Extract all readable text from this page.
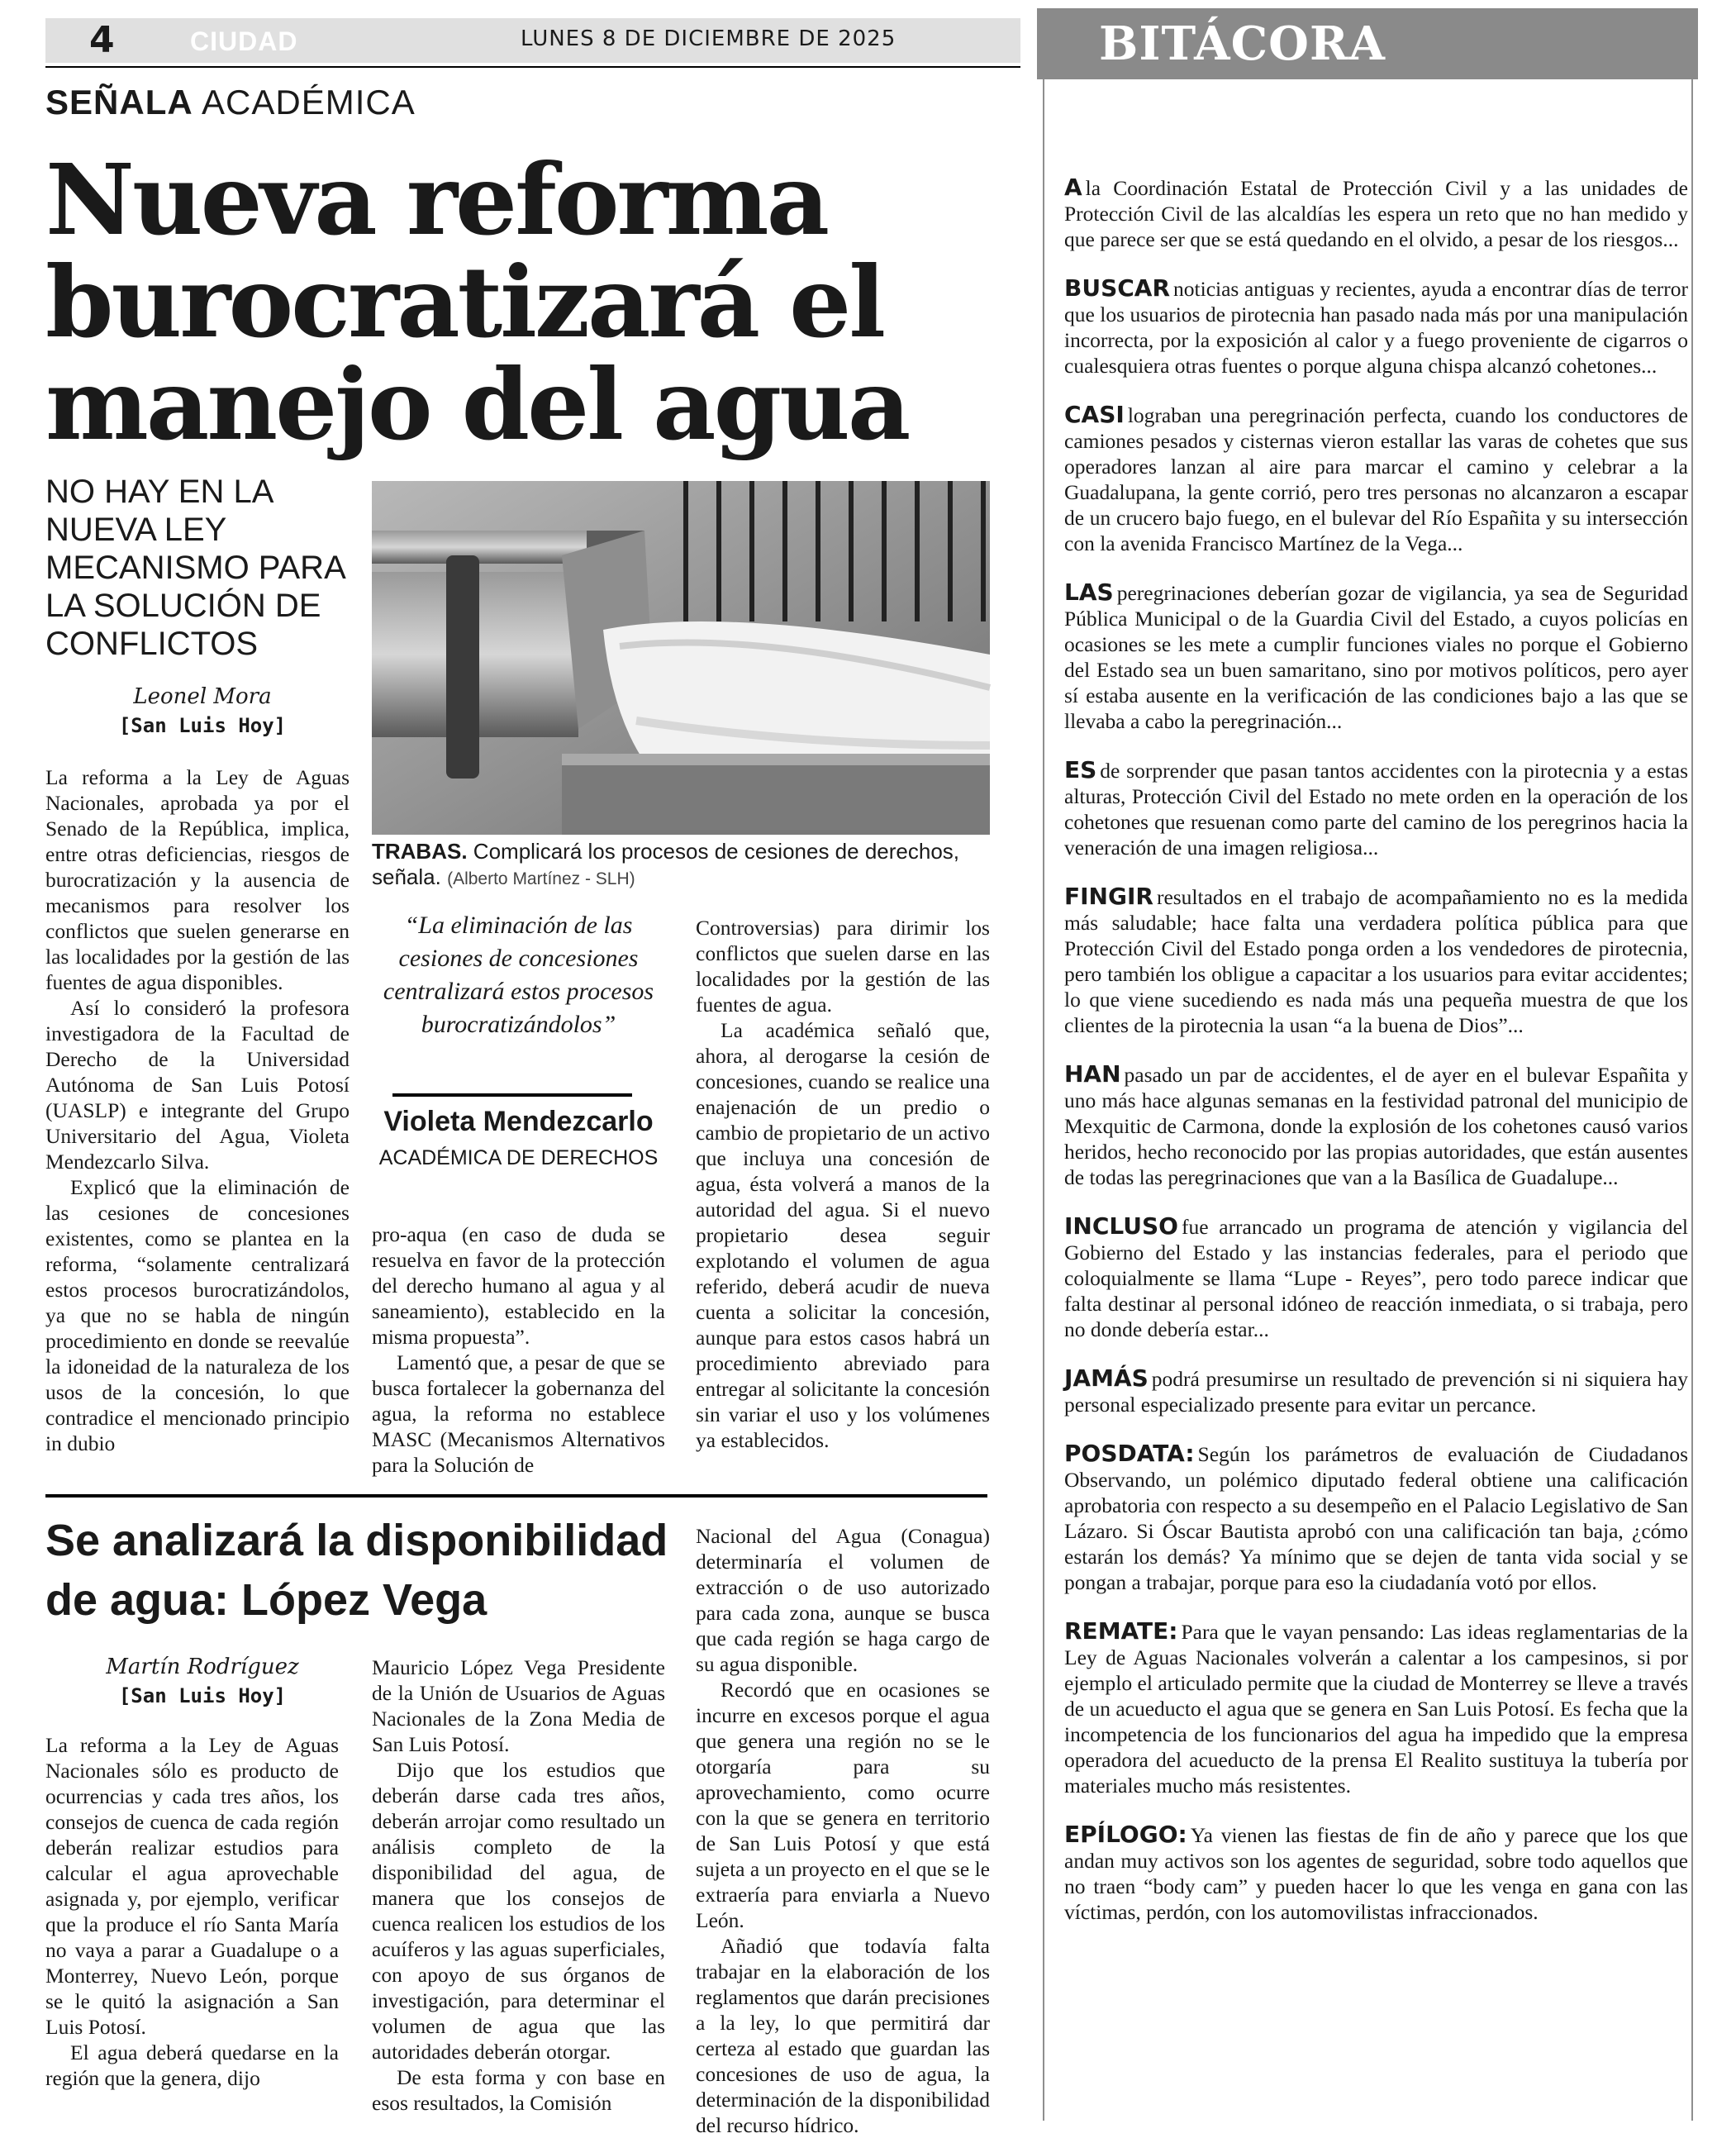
4	CIUDAD	LUNES 8 DE DICIEMBRE DE 2025	BITÁCORA
SEÑALA ACADÉMICA
Nueva reforma burocratizará el manejo del agua
NO HAY EN LA NUEVA LEY MECANISMO PARA LA SOLUCIÓN DE CONFLICTOS
Leonel Mora
[San Luis Hoy]

La reforma a la Ley de Aguas Nacionales, aprobada ya por el Senado de la República, implica, entre otras deficiencias, riesgos de burocratización y la ausencia de mecanismos para resolver los conflictos que suelen generarse en las localidades por la gestión de las fuentes de agua disponibles.

Así lo consideró la profesora investigadora de la Facultad de Derecho de la Universidad Autónoma de San Luis Potosí (UASLP) e integrante del Grupo Universitario del Agua, Violeta Mendezcarlo Silva.

Explicó que la eliminación de las cesiones de concesiones existentes, como se plantea en la reforma, “solamente centralizará estos procesos burocratizándolos, ya que no se habla de ningún procedimiento en donde se reevalúe la idoneidad de la naturaleza de los usos de la concesión, lo que contradice el mencionado principio in dubio

TRABAS. Complicará los procesos de cesiones de derechos, señala. (Alberto Martínez - SLH)
“La eliminación de las cesiones de concesiones centralizará estos procesos burocratizándolos”
Violeta Mendezcarlo
ACADÉMICA DE DERECHOS

pro-aqua (en caso de duda se resuelva en favor de la protección del derecho humano al agua y al saneamiento), establecido en la misma propuesta”.

Lamentó que, a pesar de que se busca fortalecer la gobernanza del agua, la reforma no establece MASC (Mecanismos Alternativos para la Solución de

Controversias) para dirimir los conflictos que suelen darse en las localidades por la gestión de las fuentes de agua.

La académica señaló que, ahora, al derogarse la cesión de concesiones, cuando se realice una enajenación de un predio o cambio de propietario de un activo que incluya una concesión de agua, ésta volverá a manos de la autoridad del agua. Si el nuevo propietario desea seguir explotando el volumen de agua referido, deberá acudir de nueva cuenta a solicitar la concesión, aunque para estos casos habrá un procedimiento abreviado para entregar al solicitante la concesión sin variar el uso y los volúmenes ya establecidos.

Se analizará la disponibilidad de agua: López Vega
Martín Rodríguez
[San Luis Hoy]

La reforma a la Ley de Aguas Nacionales sólo es producto de ocurrencias y cada tres años, los consejos de cuenca de cada región deberán realizar estudios para calcular el agua aprovechable asignada y, por ejemplo, verificar que la produce el río Santa María no vaya a parar a Guadalupe o a Monterrey, Nuevo León, porque se le quitó la asignación a San Luis Potosí.

El agua deberá quedarse en la región que la genera, dijo

Mauricio López Vega Presidente de la Unión de Usuarios de Aguas Nacionales de la Zona Media de San Luis Potosí.

Dijo que los estudios que deberán darse cada tres años, deberán arrojar como resultado un análisis completo de la disponibilidad del agua, de manera que los consejos de cuenca realicen los estudios de los acuíferos y las aguas superficiales, con apoyo de sus órganos de investigación, para determinar el volumen de agua que las autoridades deberán otorgar.

De esta forma y con base en esos resultados, la Comisión

Nacional del Agua (Conagua) determinaría el volumen de extracción o de uso autorizado para cada zona, aunque se busca que cada región se haga cargo de su agua disponible.

Recordó que en ocasiones se incurre en excesos porque el agua que genera una región no se le otorgaría para su aprovechamiento, como ocurre con la que se genera en territorio de San Luis Potosí y que está sujeta a un proyecto en el que se le extraería para enviarla a Nuevo León.

Añadió que todavía falta trabajar en la elaboración de los reglamentos que darán precisiones a la ley, lo que permitirá dar certeza al estado que guardan las concesiones de uso de agua, la determinación de la disponibilidad del recurso hídrico.

A la Coordinación Estatal de Protección Civil y a las unidades de Protección Civil de las alcaldías les espera un reto que no han medido y que parece ser que se está quedando en el olvido, a pesar de los riesgos...

BUSCAR noticias antiguas y recientes, ayuda a encontrar días de terror que los usuarios de pirotecnia han pasado nada más por una manipulación incorrecta, por la exposición al calor y a fuego proveniente de cigarros o cualesquiera otras fuentes o porque alguna chispa alcanzó cohetones...

CASI lograban una peregrinación perfecta, cuando los conductores de camiones pesados y cisternas vieron estallar las varas de cohetes que sus operadores lanzan al aire para marcar el camino y celebrar a la Guadalupana, la gente corrió, pero tres personas no alcanzaron a escapar de un crucero bajo fuego, en el bulevar del Río Españita y su intersección con la avenida Francisco Martínez de la Vega...

LAS peregrinaciones deberían gozar de vigilancia, ya sea de Seguridad Pública Municipal o de la Guardia Civil del Estado, a cuyos policías en ocasiones se les mete a cumplir funciones viales no porque el Gobierno del Estado sea un buen samaritano, sino por motivos políticos, pero ayer sí estaba ausente en la verificación de las condiciones bajo a las que se llevaba a cabo la peregrinación...

ES de sorprender que pasan tantos accidentes con la pirotecnia y a estas alturas, Protección Civil del Estado no mete orden en la operación de los cohetones que resuenan como parte del camino de los peregrinos hacia la veneración de una imagen religiosa...

FINGIR resultados en el trabajo de acompañamiento no es la medida más saludable; hace falta una verdadera política pública para que Protección Civil del Estado ponga orden a los vendedores de pirotecnia, pero también los obligue a capacitar a los usuarios para evitar accidentes; lo que viene sucediendo es nada más una pequeña muestra de que los clientes de la pirotecnia la usan “a la buena de Dios”...

HAN pasado un par de accidentes, el de ayer en el bulevar Españita y uno más hace algunas semanas en la festividad patronal del municipio de Mexquitic de Carmona, donde la explosión de los cohetones causó varios heridos, hecho reconocido por las propias autoridades, que están ausentes de todas las peregrinaciones que van a la Basílica de Guadalupe...

INCLUSO fue arrancado un programa de atención y vigilancia del Gobierno del Estado y las instancias federales, para el periodo que coloquialmente se llama “Lupe - Reyes”, pero todo parece indicar que falta destinar al personal idóneo de reacción inmediata, o si trabaja, pero no donde debería estar...

JAMÁS podrá presumirse un resultado de prevención si ni siquiera hay personal especializado presente para evitar un percance.

POSDATA: Según los parámetros de evaluación de Ciudadanos Observando, un polémico diputado federal obtiene una calificación aprobatoria con respecto a su desempeño en el Palacio Legislativo de San Lázaro. Si Óscar Bautista aprobó con una calificación tan baja, ¿cómo estarán los demás? Ya mínimo que se dejen de tanta vida social y se pongan a trabajar, porque para eso la ciudadanía votó por ellos.

REMATE: Para que le vayan pensando: Las ideas reglamentarias de la Ley de Aguas Nacionales volverán a calentar a los campesinos, si por ejemplo el articulado permite que la ciudad de Monterrey se lleve a través de un acueducto el agua que se genera en San Luis Potosí. Es fecha que la incompetencia de los funcionarios del agua ha impedido que la empresa operadora del acueducto de la prensa El Realito sustituya la tubería por materiales mucho más resistentes.

EPÍLOGO: Ya vienen las fiestas de fin de año y parece que los que andan muy activos son los agentes de seguridad, sobre todo aquellos que no traen “body cam” y pueden hacer lo que les venga en gana con las víctimas, perdón, con los automovilistas infraccionados.
